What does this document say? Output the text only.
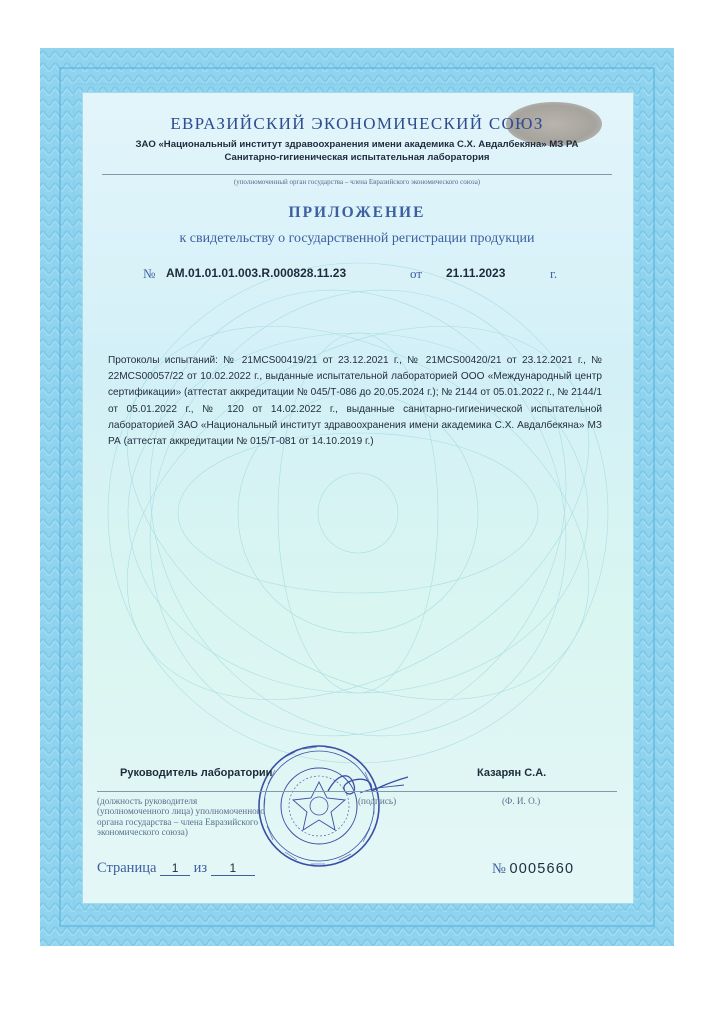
ЕВРАЗИЙСКИЙ ЭКОНОМИЧЕСКИЙ СОЮЗ
ЗАО «Национальный институт здравоохранения имени академика С.Х. Авдалбекяна» МЗ РА
Санитарно-гигиеническая испытательная лаборатория
(уполномоченный орган государства – члена Евразийского экономического союза)
ПРИЛОЖЕНИЕ
к свидетельству о государственной регистрации продукции
№ AM.01.01.01.003.R.000828.11.23	от 21.11.2023	г.
Протоколы испытаний: № 21MCS00419/21 от 23.12.2021 г., № 21MCS00420/21 от 23.12.2021 г., № 22MCS00057/22 от 10.02.2022 г., выданные испытательной лабораторией ООО «Международный центр сертификации» (аттестат аккредитации № 045/Т-086 до 20.05.2024 г.); № 2144 от 05.01.2022 г., № 2144/1 от 05.01.2022 г., № 120 от 14.02.2022 г., выданные санитарно-гигиенической испытательной лабораторией ЗАО «Национальный институт здравоохранения имени академика С.Х. Авдалбекяна» МЗ РА (аттестат аккредитации № 015/Т-081 от 14.10.2019 г.)
Руководитель лаборатории	Казарян С.А.
(должность руководителя
(уполномоченного лица) уполномоченного
органа государства – члена Евразийского
экономического союза)
(подпись)	(Ф. И. О.)
Страница 1 из 1	№ 0005660
